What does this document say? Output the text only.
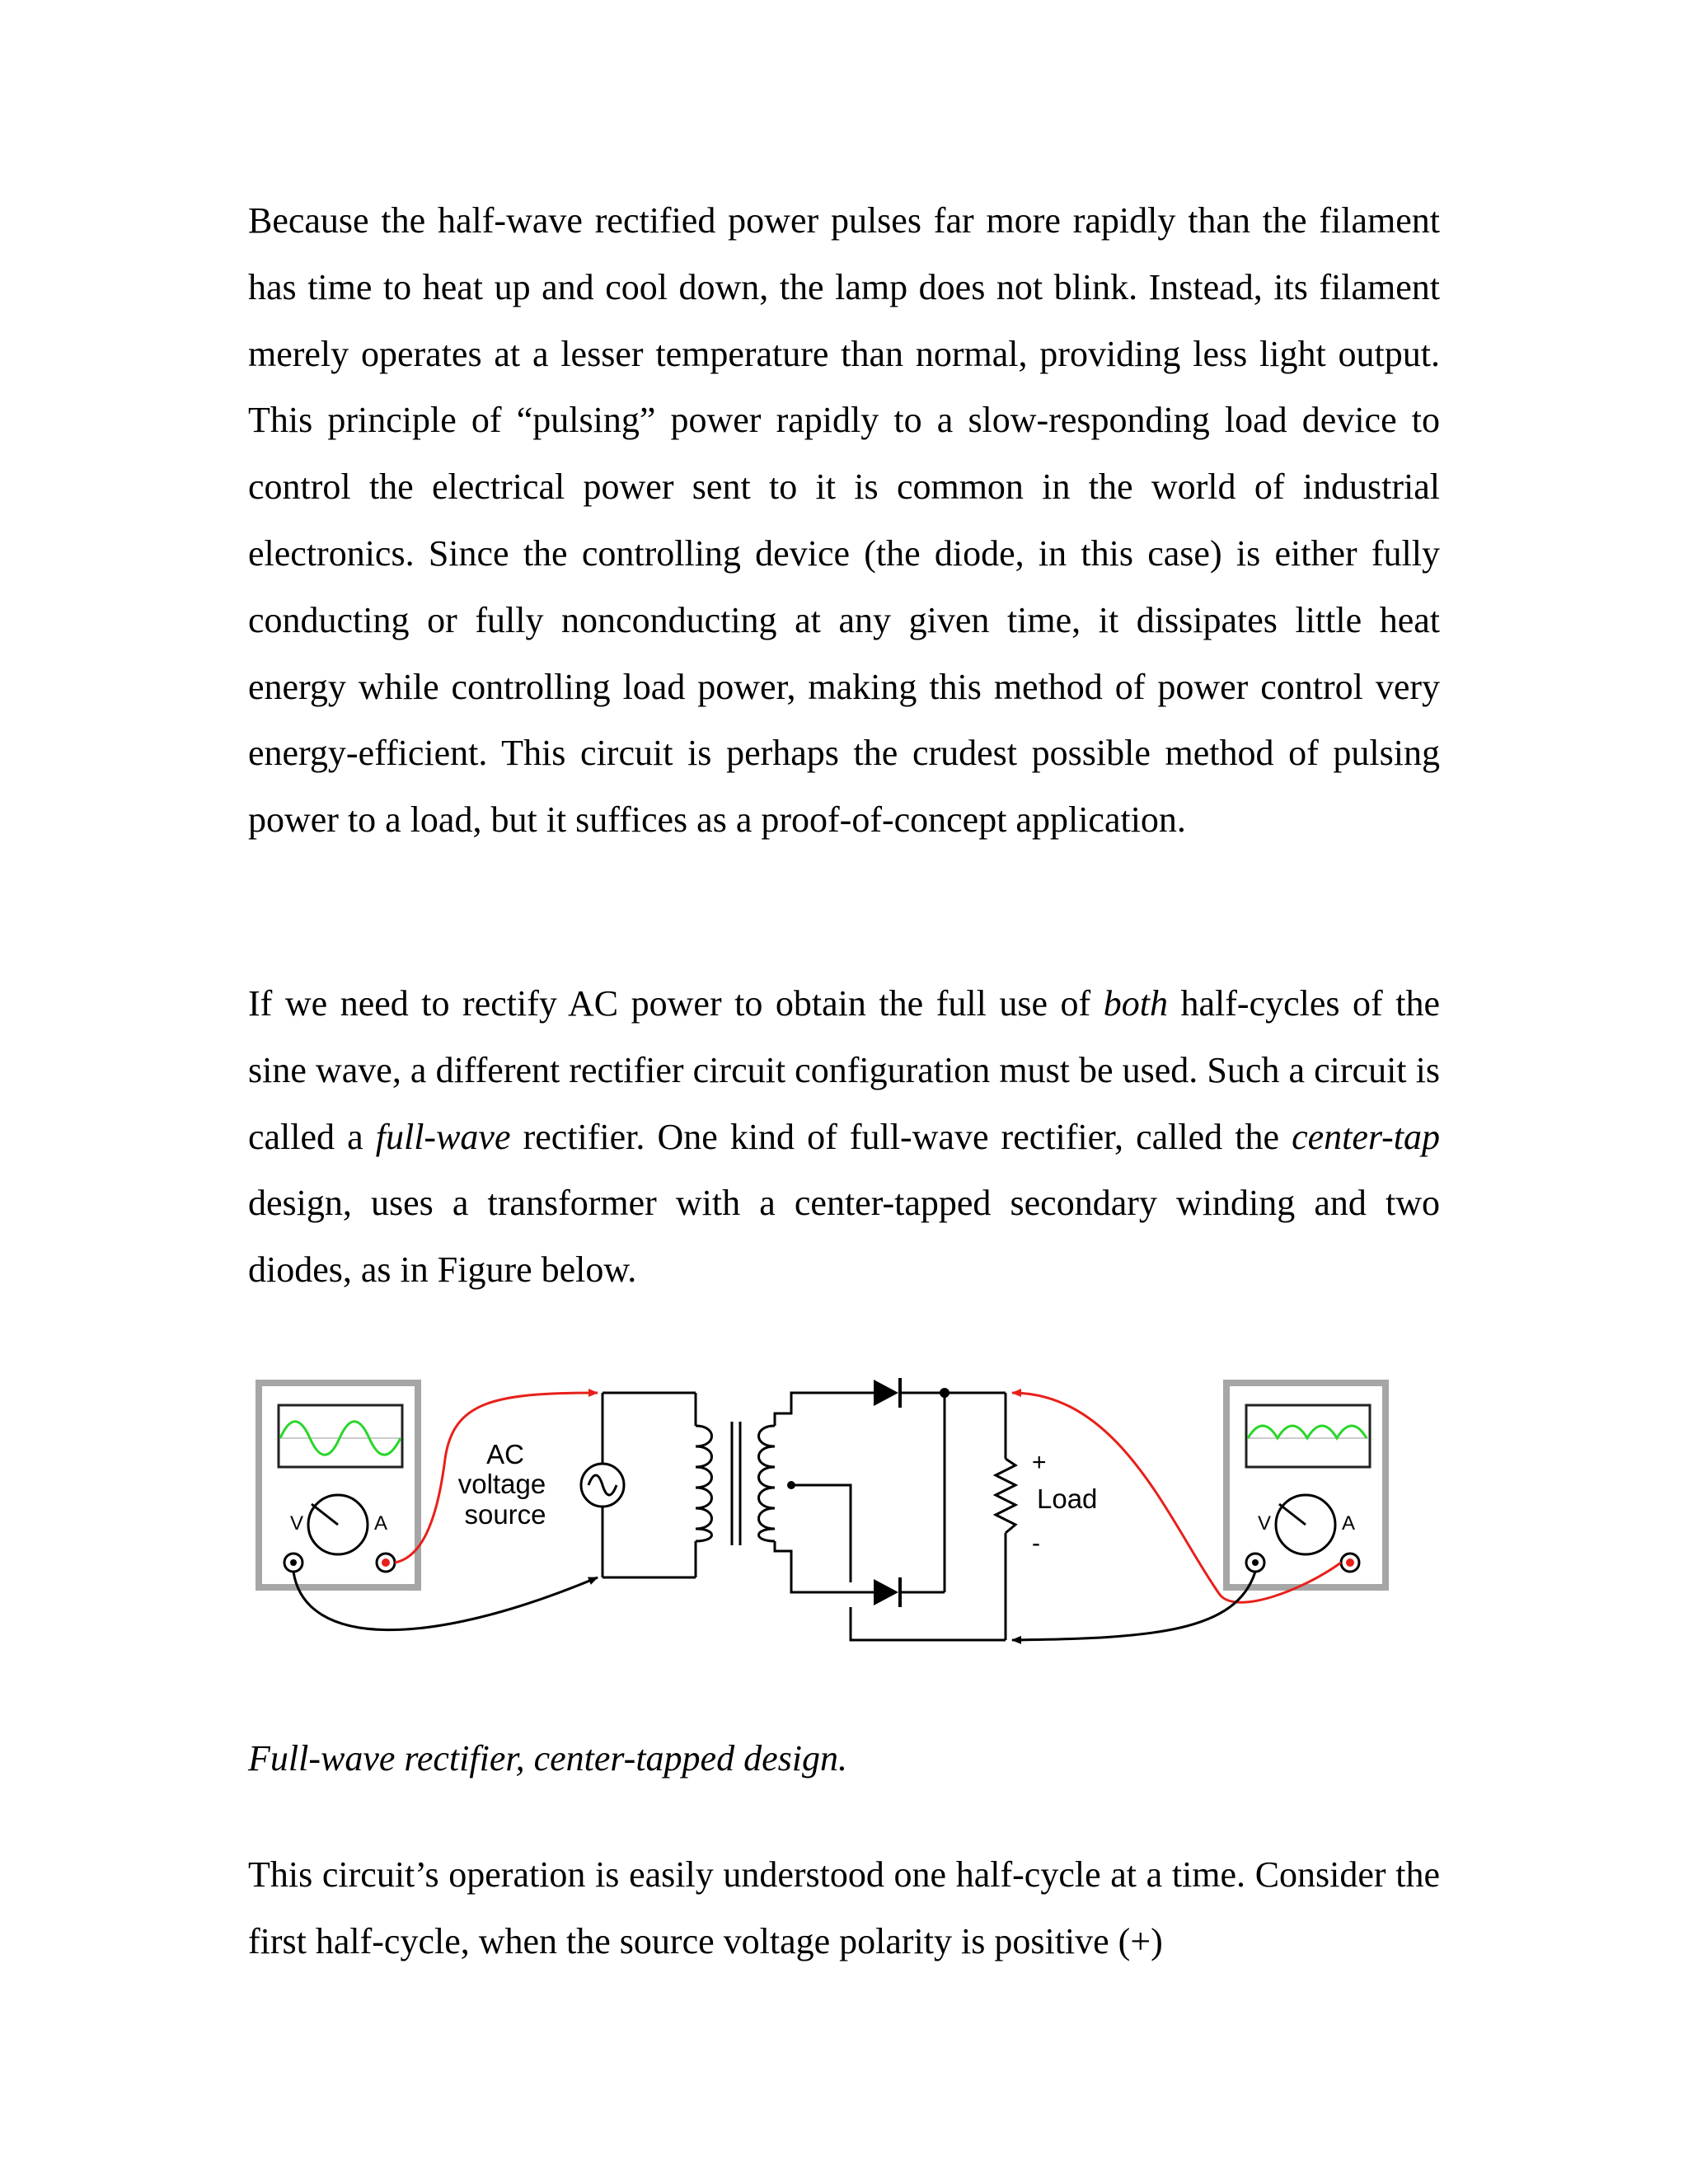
Because the half-wave rectified power pulses far more rapidly than the filament has time to heat up and cool down, the lamp does not blink. Instead, its filament merely operates at a lesser temperature than normal, providing less light output. This principle of “pulsing” power rapidly to a slow-responding load device to control the electrical power sent to it is common in the world of industrial electronics. Since the controlling device (the diode, in this case) is either fully conducting or fully nonconducting at any given time, it dissipates little heat energy while controlling load power, making this method of power control very energy-efficient. This circuit is perhaps the crudest possible method of pulsing power to a load, but it suffices as a proof-of-concept application.

If we need to rectify AC power to obtain the full use of both half-cycles of the sine wave, a different rectifier circuit configuration must be used. Such a circuit is called a full-wave rectifier. One kind of full-wave rectifier, called the center-tap design, uses a transformer with a center-tapped secondary winding and two diodes, as in Figure below.

V	A
AC
voltage
source
+
Load
-
V	A

Full-wave rectifier, center-tapped design.

This circuit’s operation is easily understood one half-cycle at a time. Consider the first half-cycle, when the source voltage polarity is positive (+)
